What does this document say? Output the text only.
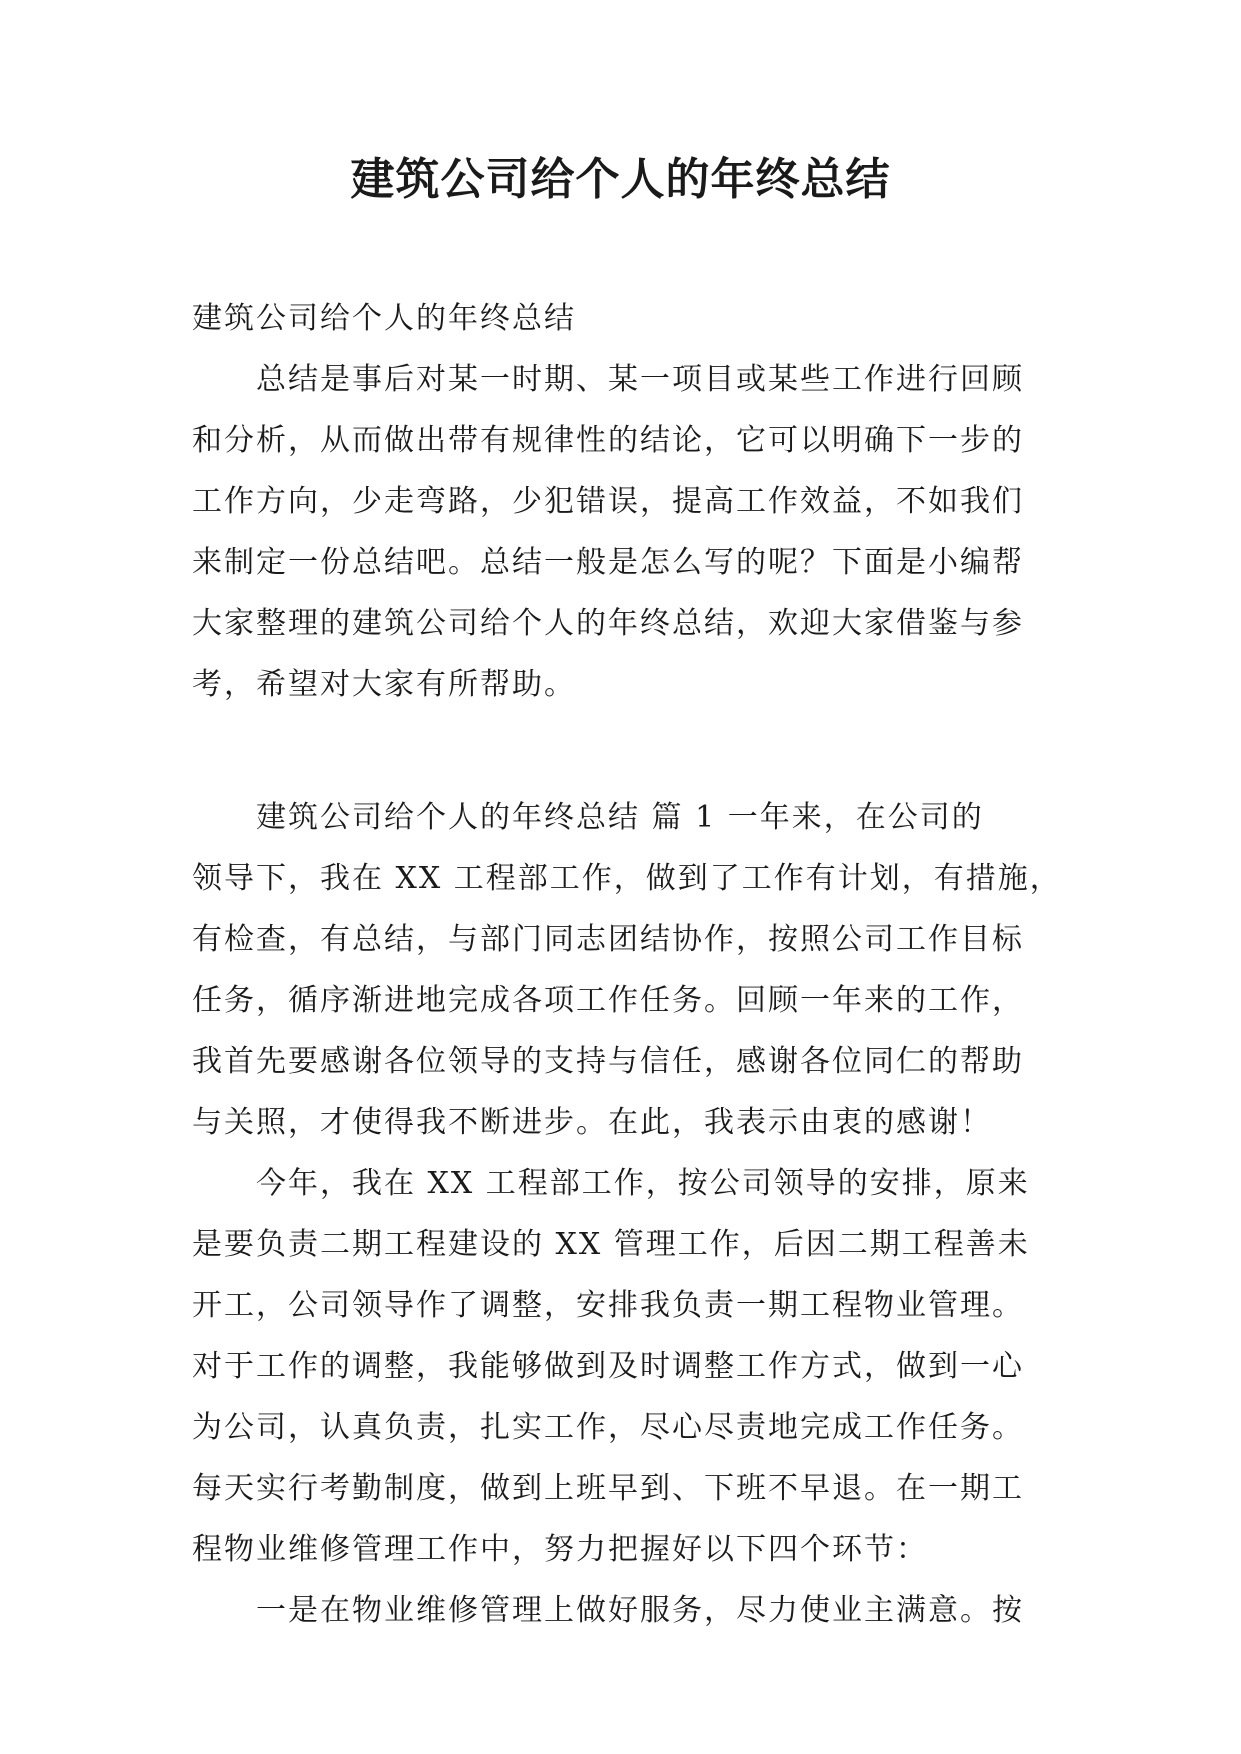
建筑公司给个人的年终总结
建筑公司给个人的年终总结
总结是事后对某一时期、某一项目或某些工作进行回顾
和分析，从而做出带有规律性的结论，它可以明确下一步的
工作方向，少走弯路，少犯错误，提高工作效益，不如我们
来制定一份总结吧。总结一般是怎么写的呢？下面是小编帮
大家整理的建筑公司给个人的年终总结，欢迎大家借鉴与参
考，希望对大家有所帮助。
建筑公司给个人的年终总结 篇 1 一年来，在公司的
领导下，我在 XX 工程部工作，做到了工作有计划，有措施，
有检查，有总结，与部门同志团结协作，按照公司工作目标
任务，循序渐进地完成各项工作任务。回顾一年来的工作，
我首先要感谢各位领导的支持与信任，感谢各位同仁的帮助
与关照，才使得我不断进步。在此，我表示由衷的感谢！
今年，我在 XX 工程部工作，按公司领导的安排，原来
是要负责二期工程建设的 XX 管理工作，后因二期工程善未
开工，公司领导作了调整，安排我负责一期工程物业管理。
对于工作的调整，我能够做到及时调整工作方式，做到一心
为公司，认真负责，扎实工作，尽心尽责地完成工作任务。
每天实行考勤制度，做到上班早到、下班不早退。在一期工
程物业维修管理工作中，努力把握好以下四个环节：
一是在物业维修管理上做好服务，尽力使业主满意。按
